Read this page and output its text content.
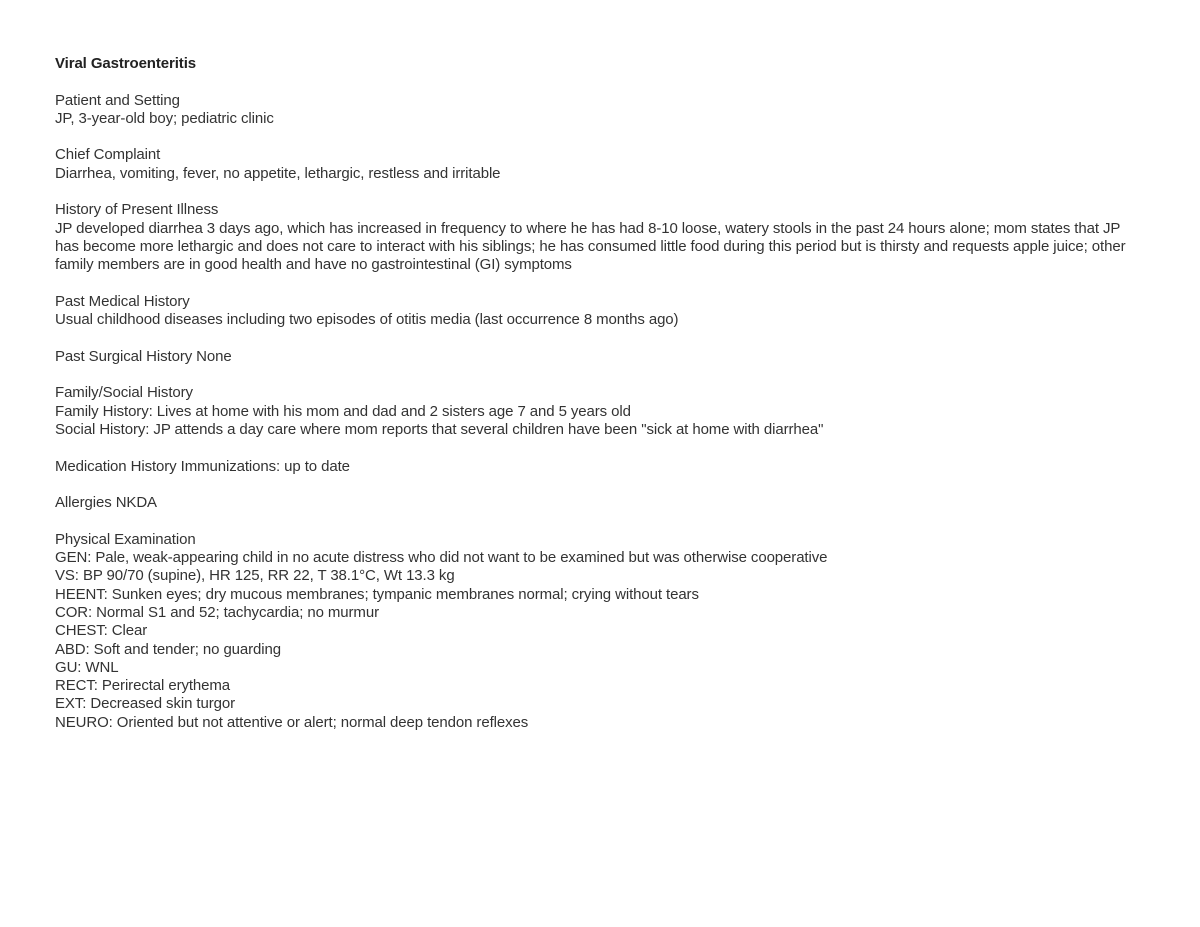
Viral Gastroenteritis
Patient and Setting
JP, 3-year-old boy; pediatric clinic
Chief Complaint
Diarrhea, vomiting, fever, no appetite, lethargic, restless and irritable
History of Present Illness
JP developed diarrhea 3 days ago, which has increased in frequency to where he has had 8-10 loose, watery stools in the past 24 hours alone; mom states that JP has become more lethargic and does not care to interact with his siblings; he has consumed little food during this period but is thirsty and requests apple juice; other family members are in good health and have no gastrointestinal (GI) symptoms
Past Medical History
Usual childhood diseases including two episodes of otitis media (last occurrence 8 months ago)
Past Surgical History None
Family/Social History
Family History: Lives at home with his mom and dad and 2 sisters age 7 and 5 years old
Social History: JP attends a day care where mom reports that several children have been "sick at home with diarrhea"
Medication History Immunizations: up to date
Allergies NKDA
Physical Examination
GEN: Pale, weak-appearing child in no acute distress who did not want to be examined but was otherwise cooperative
VS: BP 90/70 (supine), HR 125, RR 22, T 38.1°C, Wt 13.3 kg
HEENT: Sunken eyes; dry mucous membranes; tympanic membranes normal; crying without tears
COR: Normal S1 and 52; tachycardia; no murmur
CHEST: Clear
ABD: Soft and tender; no guarding
GU: WNL
RECT: Perirectal erythema
EXT: Decreased skin turgor
NEURO: Oriented but not attentive or alert; normal deep tendon reflexes
